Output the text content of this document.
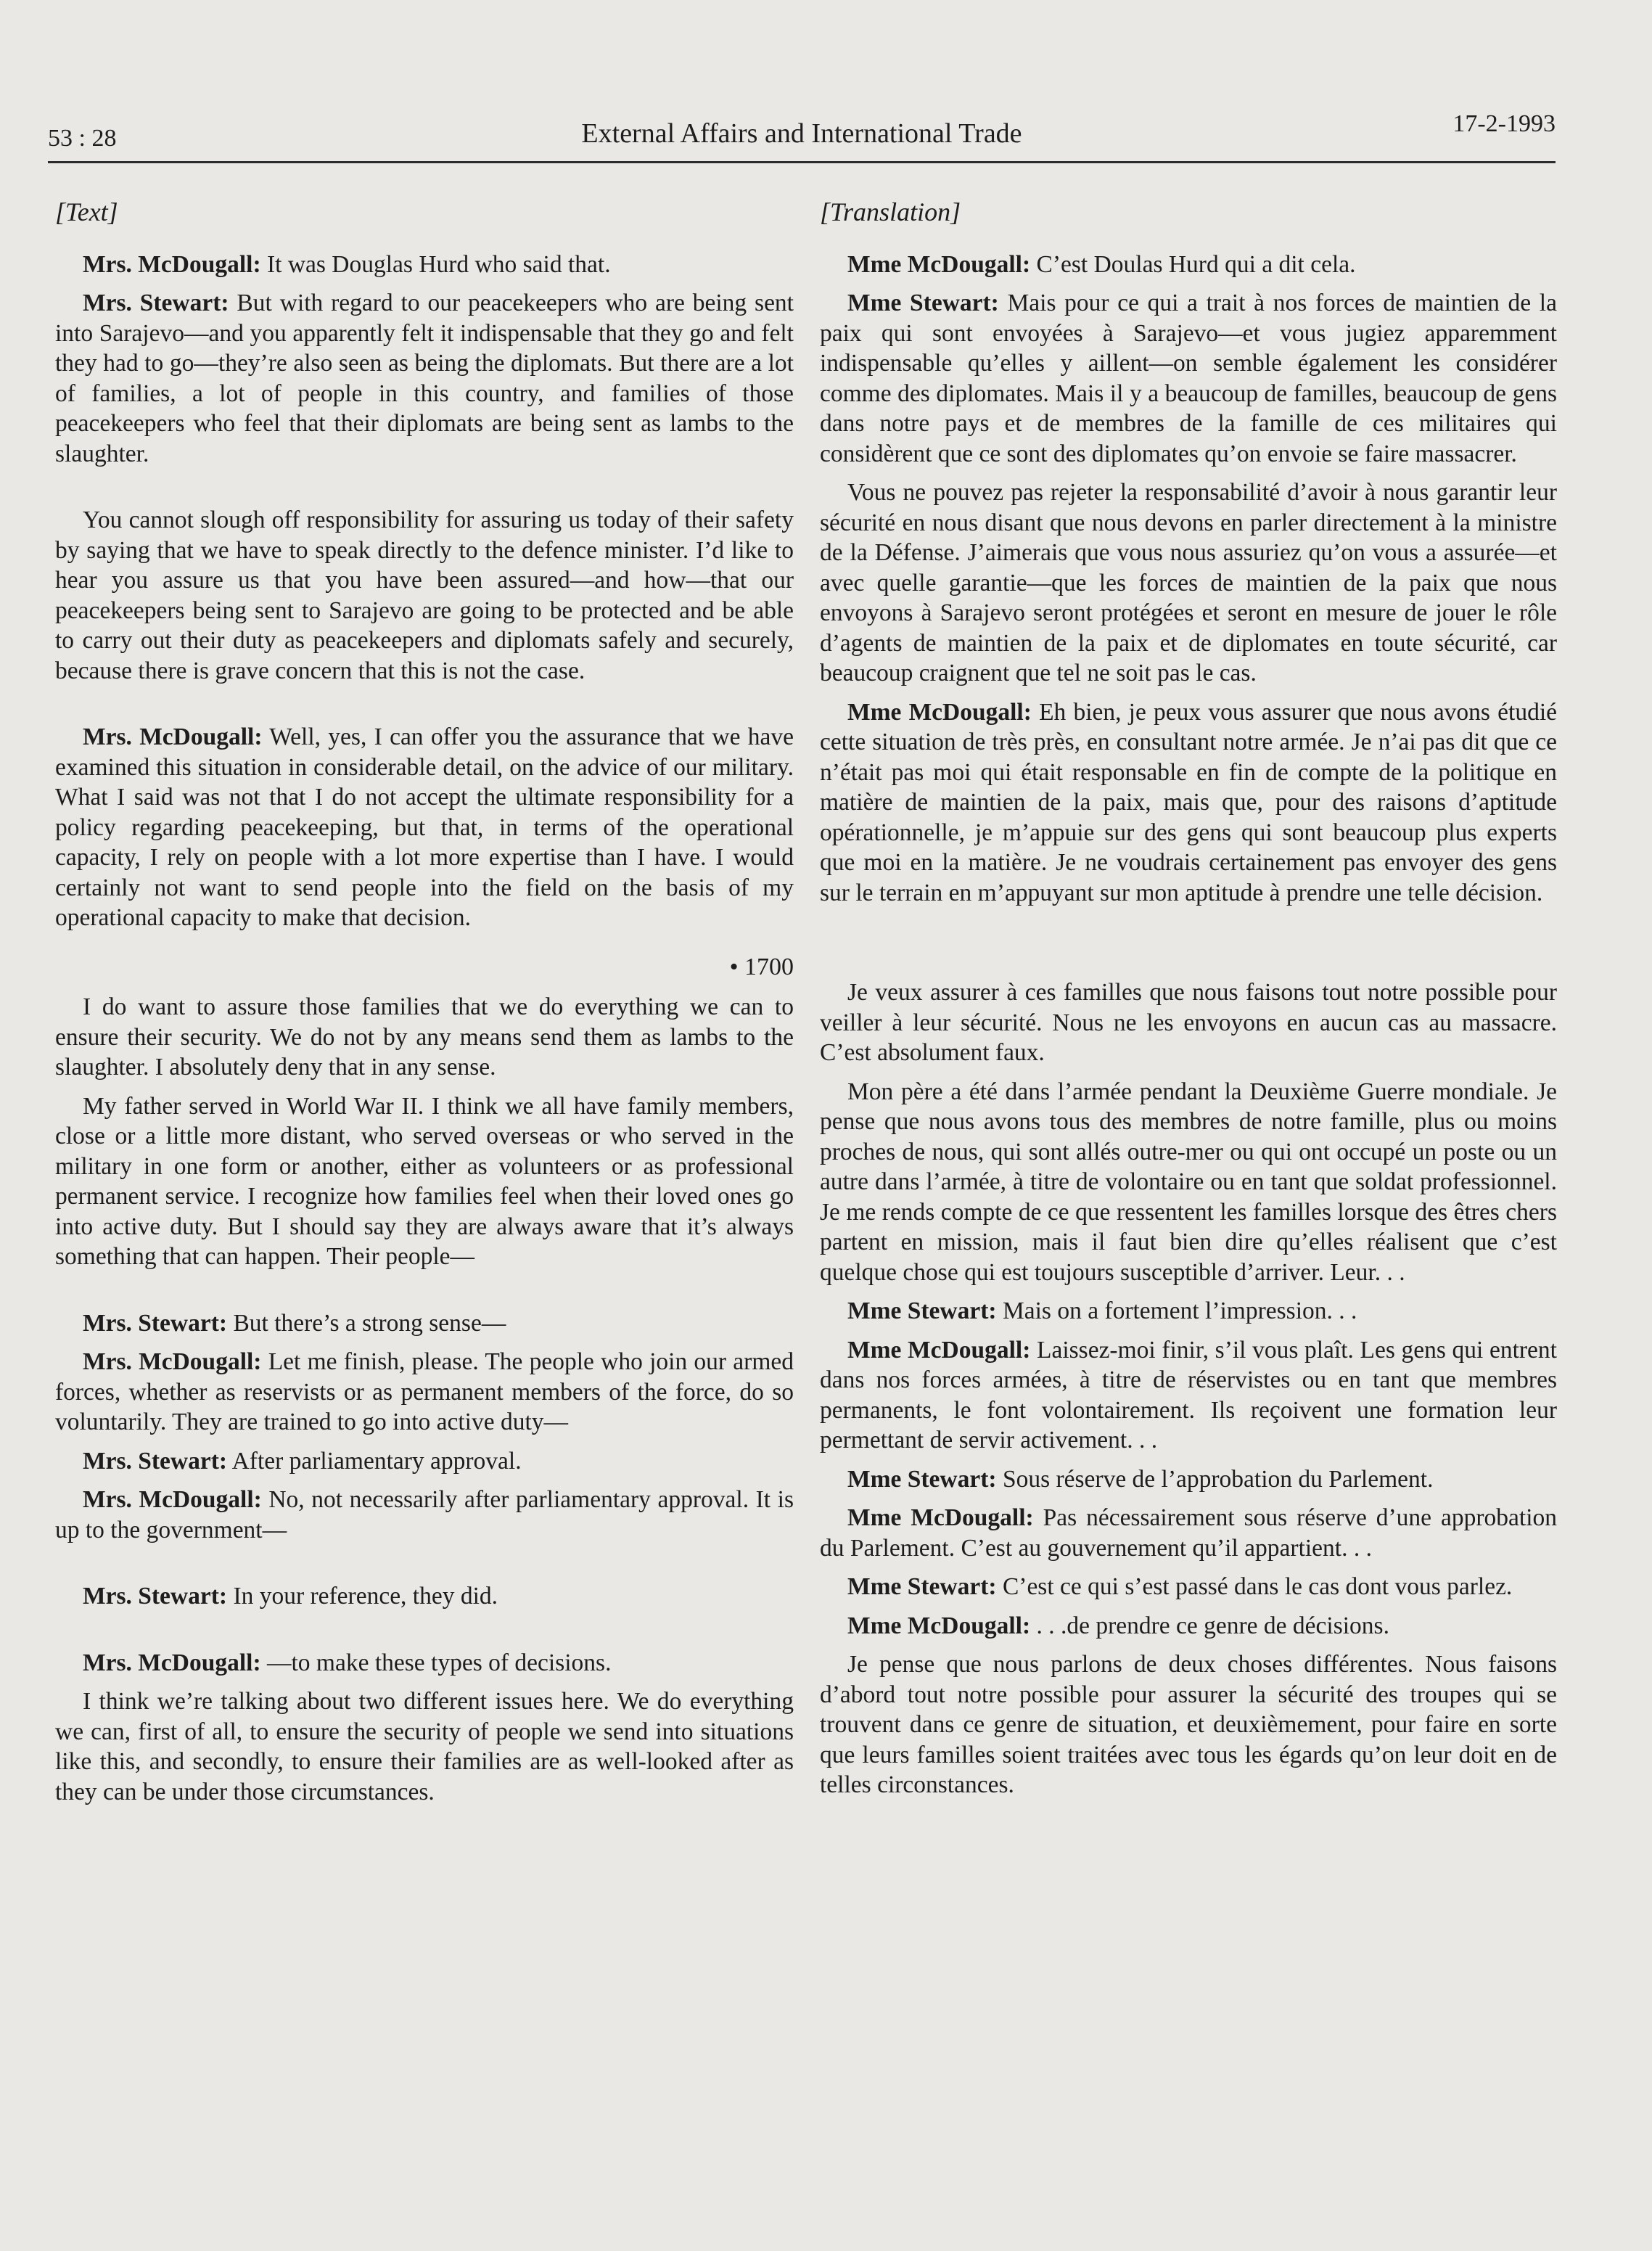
53 : 28	External Affairs and International Trade	17-2-1993

[Text]

Mrs. McDougall: It was Douglas Hurd who said that.

Mrs. Stewart: But with regard to our peacekeepers who are being sent into Sarajevo—and you apparently felt it indispensable that they go and felt they had to go—they’re also seen as being the diplomats. But there are a lot of families, a lot of people in this country, and families of those peacekeepers who feel that their diplomats are being sent as lambs to the slaughter.

You cannot slough off responsibility for assuring us today of their safety by saying that we have to speak directly to the defence minister. I’d like to hear you assure us that you have been assured—and how—that our peacekeepers being sent to Sarajevo are going to be protected and be able to carry out their duty as peacekeepers and diplomats safely and securely, because there is grave concern that this is not the case.

Mrs. McDougall: Well, yes, I can offer you the assurance that we have examined this situation in considerable detail, on the advice of our military. What I said was not that I do not accept the ultimate responsibility for a policy regarding peacekeeping, but that, in terms of the operational capacity, I rely on people with a lot more expertise than I have. I would certainly not want to send people into the field on the basis of my operational capacity to make that decision.

• 1700

I do want to assure those families that we do everything we can to ensure their security. We do not by any means send them as lambs to the slaughter. I absolutely deny that in any sense.

My father served in World War II. I think we all have family members, close or a little more distant, who served overseas or who served in the military in one form or another, either as volunteers or as professional permanent service. I recognize how families feel when their loved ones go into active duty. But I should say they are always aware that it’s always something that can happen. Their people—

Mrs. Stewart: But there’s a strong sense—

Mrs. McDougall: Let me finish, please. The people who join our armed forces, whether as reservists or as permanent members of the force, do so voluntarily. They are trained to go into active duty—

Mrs. Stewart: After parliamentary approval.

Mrs. McDougall: No, not necessarily after parliamentary approval. It is up to the government—

Mrs. Stewart: In your reference, they did.

Mrs. McDougall: —to make these types of decisions.

I think we’re talking about two different issues here. We do everything we can, first of all, to ensure the security of people we send into situations like this, and secondly, to ensure their families are as well-looked after as they can be under those circumstances.

[Translation]

Mme McDougall: C’est Doulas Hurd qui a dit cela.

Mme Stewart: Mais pour ce qui a trait à nos forces de maintien de la paix qui sont envoyées à Sarajevo—et vous jugiez apparemment indispensable qu’elles y aillent—on semble également les considérer comme des diplomates. Mais il y a beaucoup de familles, beaucoup de gens dans notre pays et de membres de la famille de ces militaires qui considèrent que ce sont des diplomates qu’on envoie se faire massacrer.

Vous ne pouvez pas rejeter la responsabilité d’avoir à nous garantir leur sécurité en nous disant que nous devons en parler directement à la ministre de la Défense. J’aimerais que vous nous assuriez qu’on vous a assurée—et avec quelle garantie—que les forces de maintien de la paix que nous envoyons à Sarajevo seront protégées et seront en mesure de jouer le rôle d’agents de maintien de la paix et de diplomates en toute sécurité, car beaucoup craignent que tel ne soit pas le cas.

Mme McDougall: Eh bien, je peux vous assurer que nous avons étudié cette situation de très près, en consultant notre armée. Je n’ai pas dit que ce n’était pas moi qui était responsable en fin de compte de la politique en matière de maintien de la paix, mais que, pour des raisons d’aptitude opérationnelle, je m’appuie sur des gens qui sont beaucoup plus experts que moi en la matière. Je ne voudrais certainement pas envoyer des gens sur le terrain en m’appuyant sur mon aptitude à prendre une telle décision.

Je veux assurer à ces familles que nous faisons tout notre possible pour veiller à leur sécurité. Nous ne les envoyons en aucun cas au massacre. C’est absolument faux.

Mon père a été dans l’armée pendant la Deuxième Guerre mondiale. Je pense que nous avons tous des membres de notre famille, plus ou moins proches de nous, qui sont allés outre-mer ou qui ont occupé un poste ou un autre dans l’armée, à titre de volontaire ou en tant que soldat professionnel. Je me rends compte de ce que ressentent les familles lorsque des êtres chers partent en mission, mais il faut bien dire qu’elles réalisent que c’est quelque chose qui est toujours susceptible d’arriver. Leur. . .

Mme Stewart: Mais on a fortement l’impression. . .

Mme McDougall: Laissez-moi finir, s’il vous plaît. Les gens qui entrent dans nos forces armées, à titre de réservistes ou en tant que membres permanents, le font volontairement. Ils reçoivent une formation leur permettant de servir activement. . .

Mme Stewart: Sous réserve de l’approbation du Parlement.

Mme McDougall: Pas nécessairement sous réserve d’une approbation du Parlement. C’est au gouvernement qu’il appartient. . .

Mme Stewart: C’est ce qui s’est passé dans le cas dont vous parlez.

Mme McDougall: . . .de prendre ce genre de décisions.

Je pense que nous parlons de deux choses différentes. Nous faisons d’abord tout notre possible pour assurer la sécurité des troupes qui se trouvent dans ce genre de situation, et deuxièmement, pour faire en sorte que leurs familles soient traitées avec tous les égards qu’on leur doit en de telles circonstances.
